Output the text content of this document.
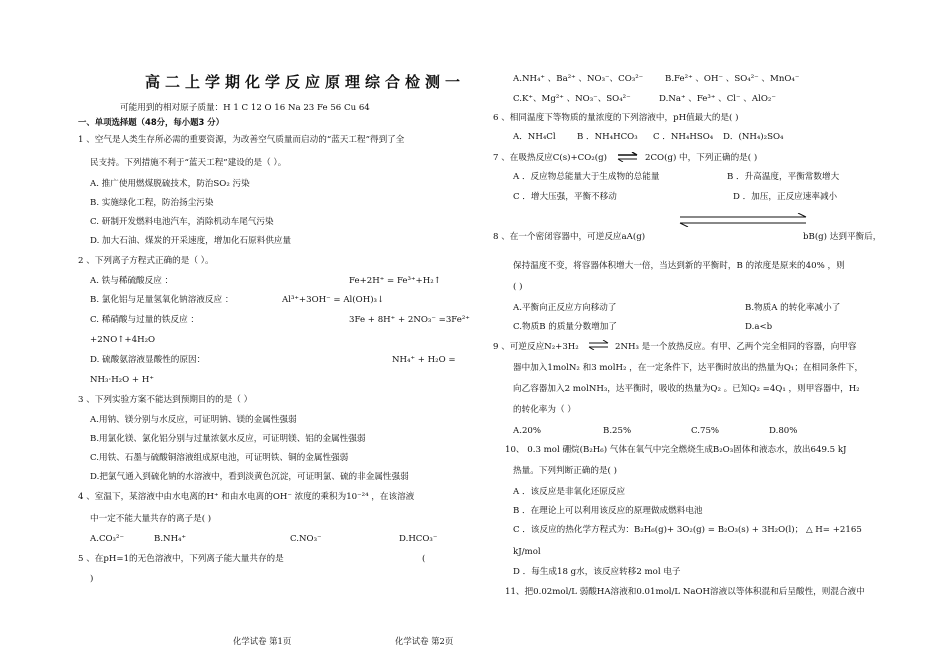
高二上学期化学反应原理综合检测一
可能用到的相对原子质量：H 1 C 12 O 16 Na 23 Fe 56 Cu 64
一、单项选择题（48分，每小题3 分）
1 、空气是人类生存所必需的重要资源，为改善空气质量而启动的“蓝天工程”得到了全
民支持。下列措施不利于“蓝天工程”建设的是（ ）。
A. 推广使用燃煤脱硫技术，防治SO₂ 污染
B. 实施绿化工程，防治扬尘污染
C. 研制开发燃料电池汽车，消除机动车尾气污染
D. 加大石油、煤炭的开采速度，增加化石原料供应量
2 、下列离子方程式正确的是（ ）。
A. 铁与稀硫酸反应 ：	Fe+2H⁺ = Fe³⁺+H₂↑
B. 氯化铝与足量氢氧化钠溶液反应 ：	Al³⁺+3OH⁻ = Al(OH)₃↓
C. 稀硝酸与过量的铁反应 ：	3Fe + 8H⁺ + 2NO₃⁻ =3Fe²⁺
+2NO↑+4H₂O
D. 硫酸氨溶液显酸性的原因：	NH₄⁺ + H₂O =
NH₃·H₂O + H⁺
3 、下列实验方案不能达到预期目的的是（ ）
A.用钠、镁分别与水反应，可证明钠、镁的金属性强弱
B.用氯化镁、氯化铝分别与过量浓氨水反应，可证明镁、铝的金属性强弱
C.用铁、石墨与硫酸铜溶液组成原电池，可证明铁、铜的金属性强弱
D.把氯气通入到硫化钠的水溶液中，看到淡黄色沉淀，可证明氯、硫的非金属性强弱
4 、室温下，某溶液中由水电离的H⁺ 和由水电离的OH⁻ 浓度的乘积为10⁻²⁴ ，在该溶液
中一定不能大量共存的离子是( )
A.CO₃²⁻	B.NH₄⁺	C.NO₃⁻	D.HCO₃⁻
5 、在pH=1的无色溶液中，下列离子能大量共存的是	(
)
A.NH₄⁺ 、Ba²⁺ 、NO₃⁻、CO₃²⁻	B.Fe²⁺ 、OH⁻ 、SO₄²⁻ 、MnO₄⁻
C.K⁺、Mg²⁺ 、NO₃⁻、SO₄²⁻	D.Na⁺ 、Fe³⁺ 、Cl⁻ 、AlO₂⁻
6 、相同温度下等物质的量浓度的下列溶液中，pH值最大的是( )
A．NH₄Cl B ．NH₄HCO₃ C ．NH₄HSO₄ D．(NH₄)₂SO₄
7 、在吸热反应C(s)+CO₂(g) ⇌ 2CO(g) 中，下列正确的是( )
A ．反应物总能量大于生成物的总能量	B ．升高温度，平衡常数增大
C ．增大压强，平衡不移动	D ．加压，正反应速率减小
8 、在一个密闭容器中，可逆反应aA(g)	bB(g) 达到平衡后，
保持温度不变，将容器体积增大一倍，当达到新的平衡时，B 的浓度是原来的40% ，则
( )
A.平衡向正反应方向移动了	B.物质A 的转化率减小了
C.物质B 的质量分数增加了	D.a<b
9 、可逆反应N₂+3H₂ ⇌ 2NH₃ 是一个放热反应。有甲、乙两个完全相同的容器，向甲容
器中加入1molN₂ 和3 molH₂ ，在一定条件下，达平衡时放出的热量为Q₁；在相同条件下，
向乙容器加入2 molNH₃，达平衡时，吸收的热量为Q₂ 。已知Q₂ =4Q₁ ，则甲容器中，H₂
的转化率为（ ）
A.20%	B.25%	C.75%	D.80%
10、 0.3 mol 硼烷(B₂H₆) 气体在氧气中完全燃烧生成B₂O₃固体和液态水，放出649.5 kJ
热量。下列判断正确的是( )
A ．该反应是非氧化还原反应
B ．在理论上可以利用该反应的原理做成燃料电池
C ．该反应的热化学方程式为：B₂H₆(g)+ 3O₂(g) = B₂O₃(s) + 3H₂O(l)； △ H= +2165
kJ/mol
D ．每生成18 g水，该反应转移2 mol 电子
11、把0.02mol/L 弱酸HA溶液和0.01mol/L NaOH溶液以等体积混和后呈酸性，则混合液中
化学试卷 第1页	化学试卷 第2页
